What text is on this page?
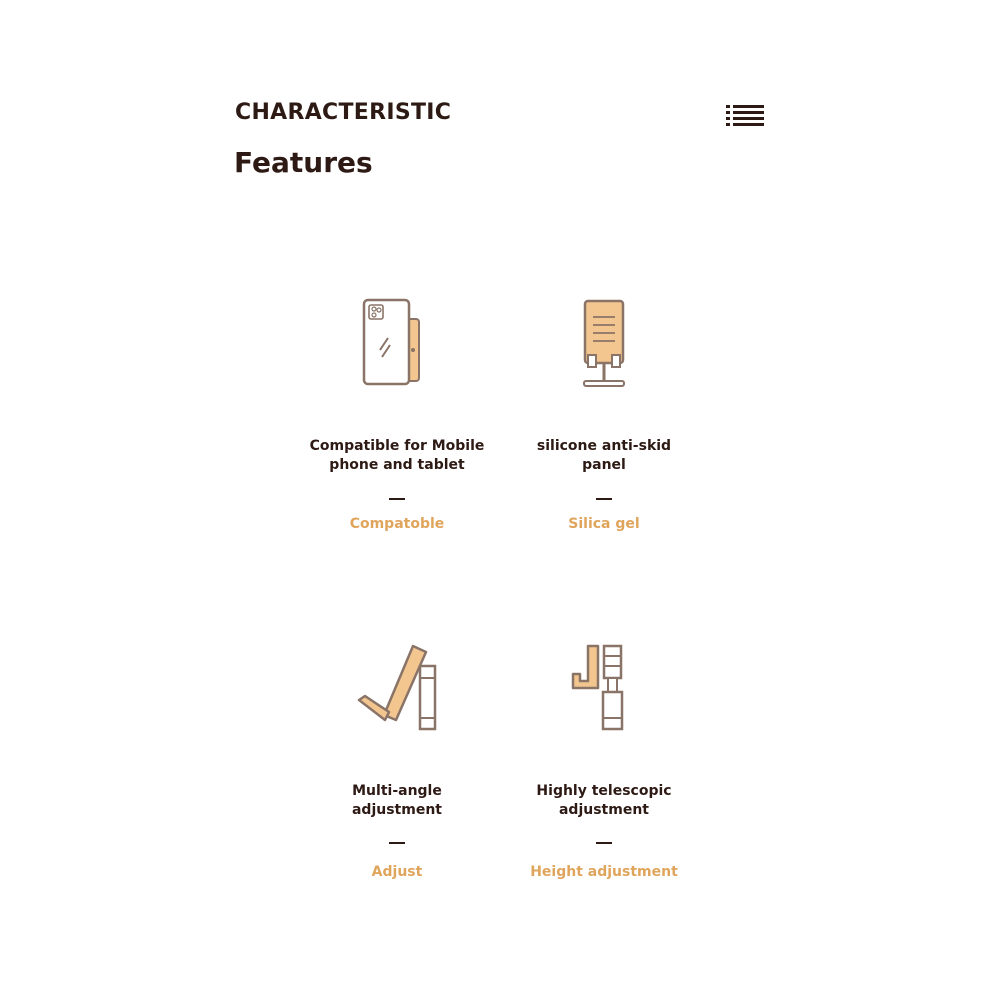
CHARACTERISTIC
Features
Compatible for Mobile
phone and tablet
Compatoble
silicone anti-skid
panel
Silica gel
Multi-angle
adjustment
Adjust
Highly telescopic
adjustment
Height adjustment
